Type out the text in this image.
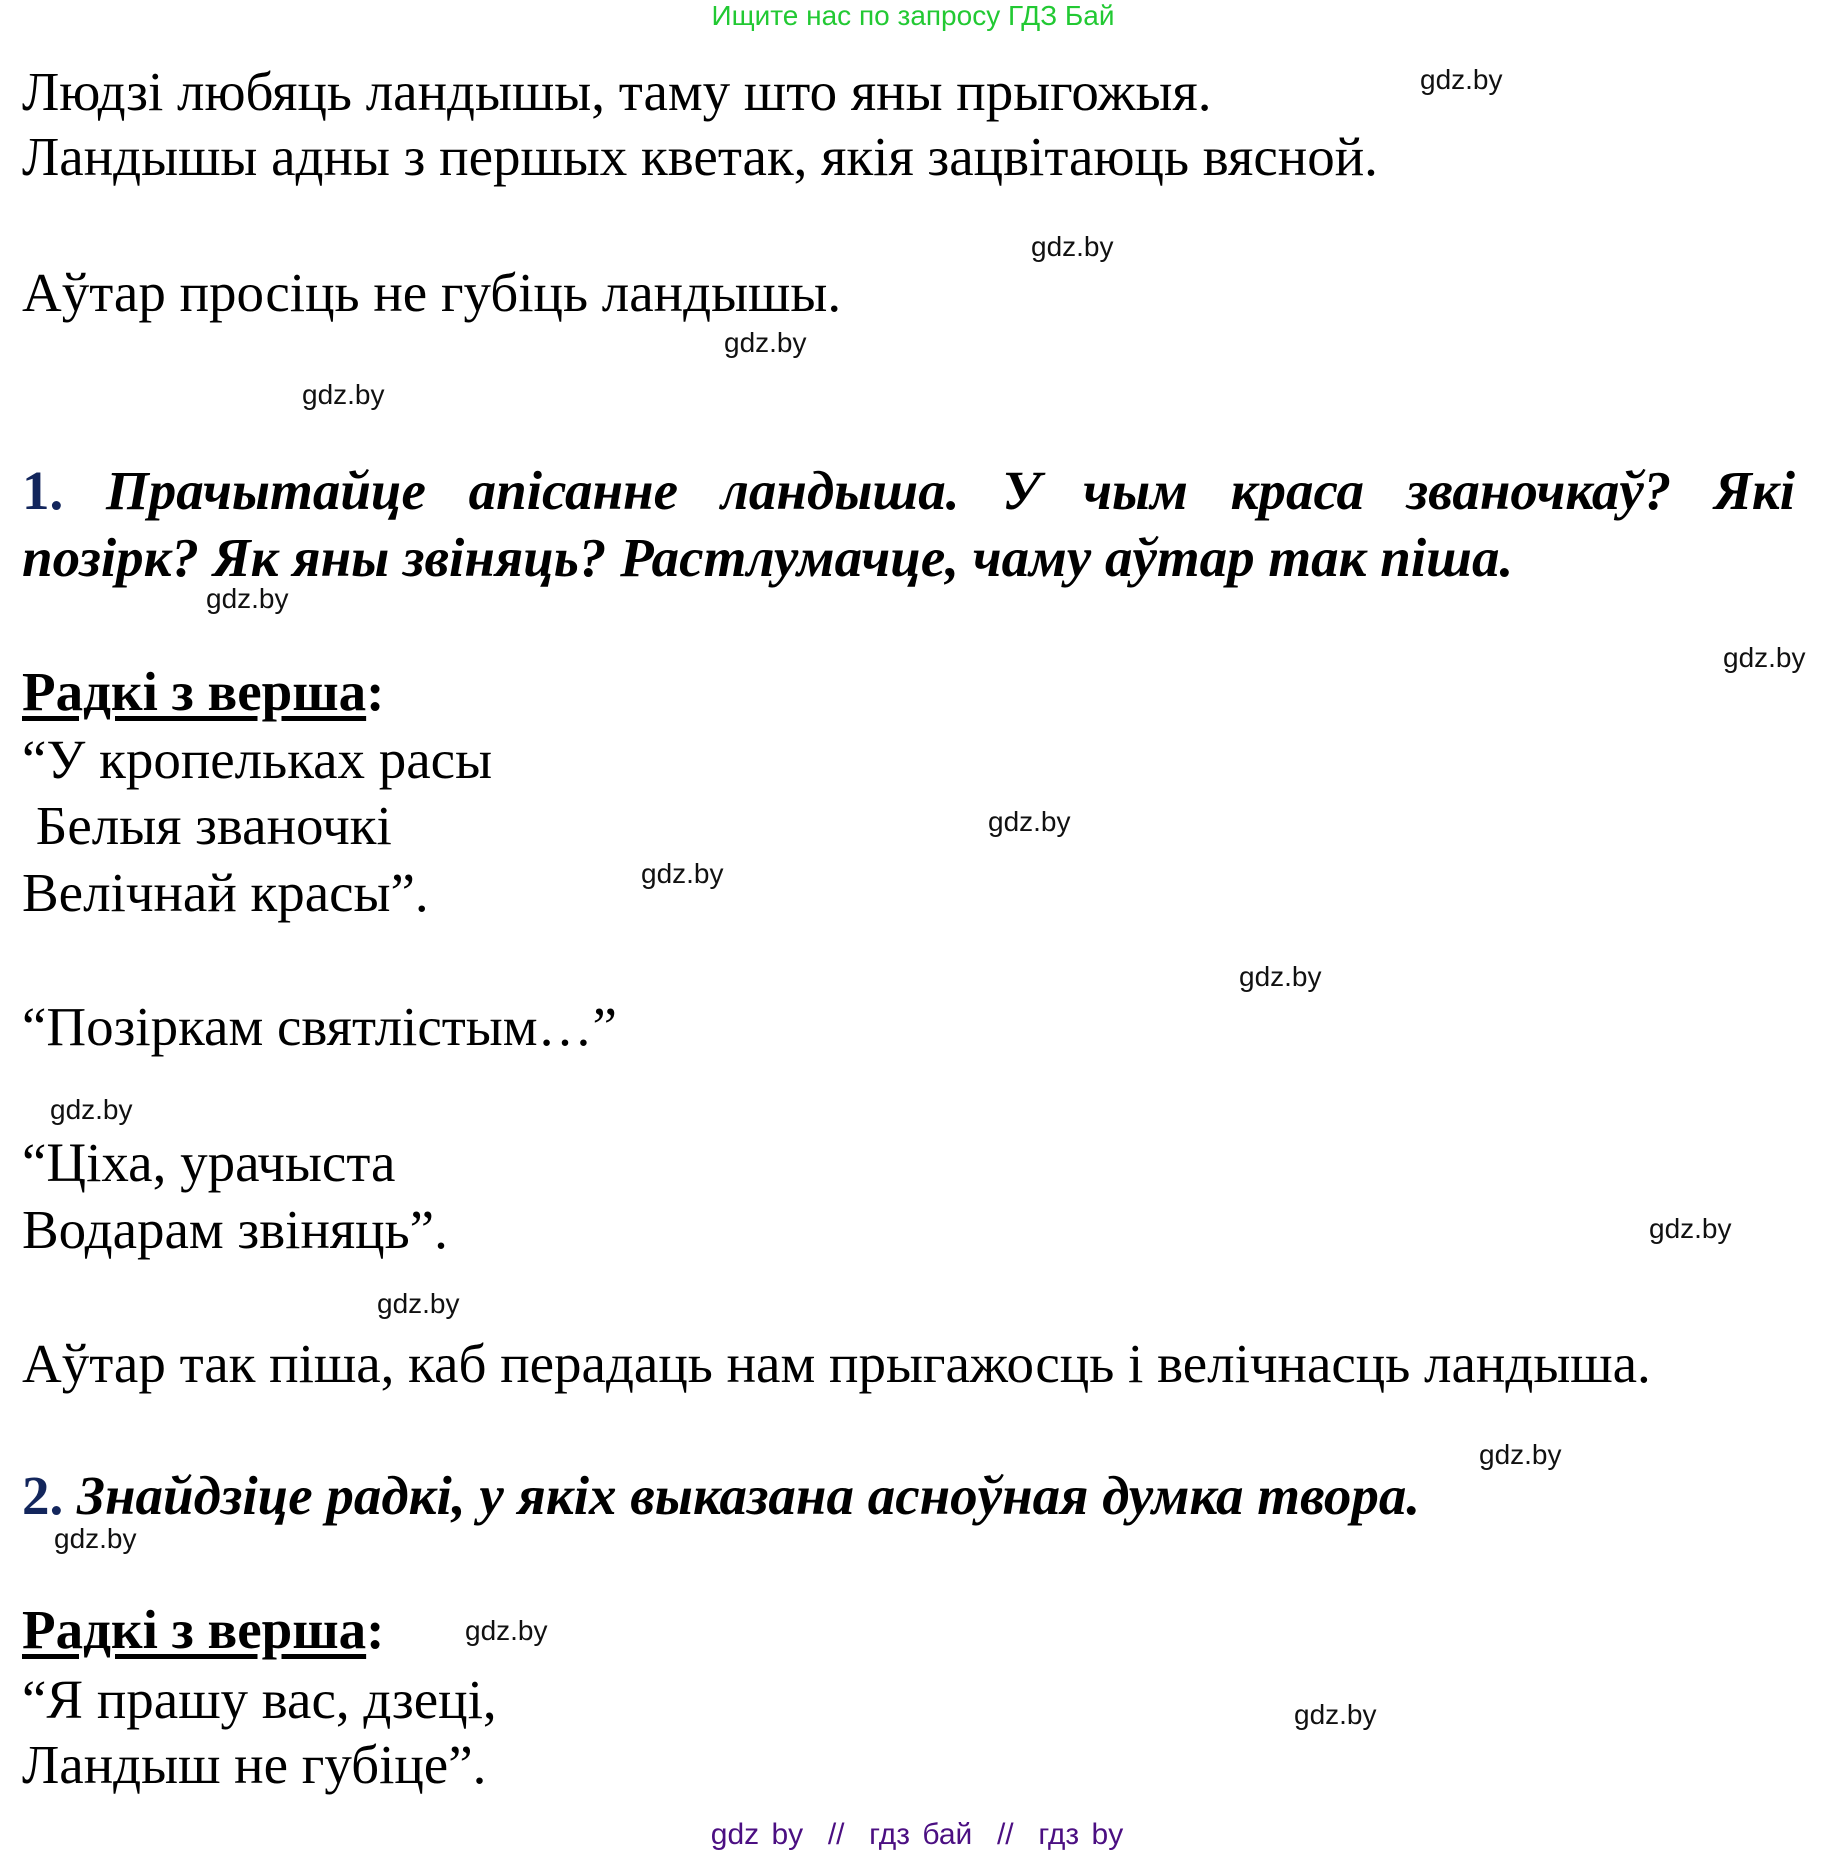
Ищите нас по запросу ГДЗ Бай
Людзі любяць ландышы, таму што яны прыгожыя.
Ландышы адны з першых кветак, якія зацвітаюць вясной.
Аўтар просіць не губіць ландышы.
1. Прачытайце апісанне ландыша. У чым краса званочкаў? Які
позірк? Як яны звіняць? Растлумачце, чаму аўтар так піша.
Радкі з верша:
“У кропельках расы
Белыя званочкі
Велічнай красы”.
“Позіркам святлістым…”
“Ціха, урачыста
Водарам звіняць”.
Аўтар так піша, каб перадаць нам прыгажосць і велічнасць ландыша.
2. Знайдзіце радкі, у якіх выказана асноўная думка твора.
Радкі з верша:
“Я прашу вас, дзеці,
Ландыш не губіце”.
gdz.by
gdz.by
gdz.by
gdz.by
gdz.by
gdz.by
gdz.by
gdz.by
gdz.by
gdz.by
gdz.by
gdz.by
gdz.by
gdz.by
gdz.by
gdz.by
gdz by  //  гдз бай  //  гдз by
